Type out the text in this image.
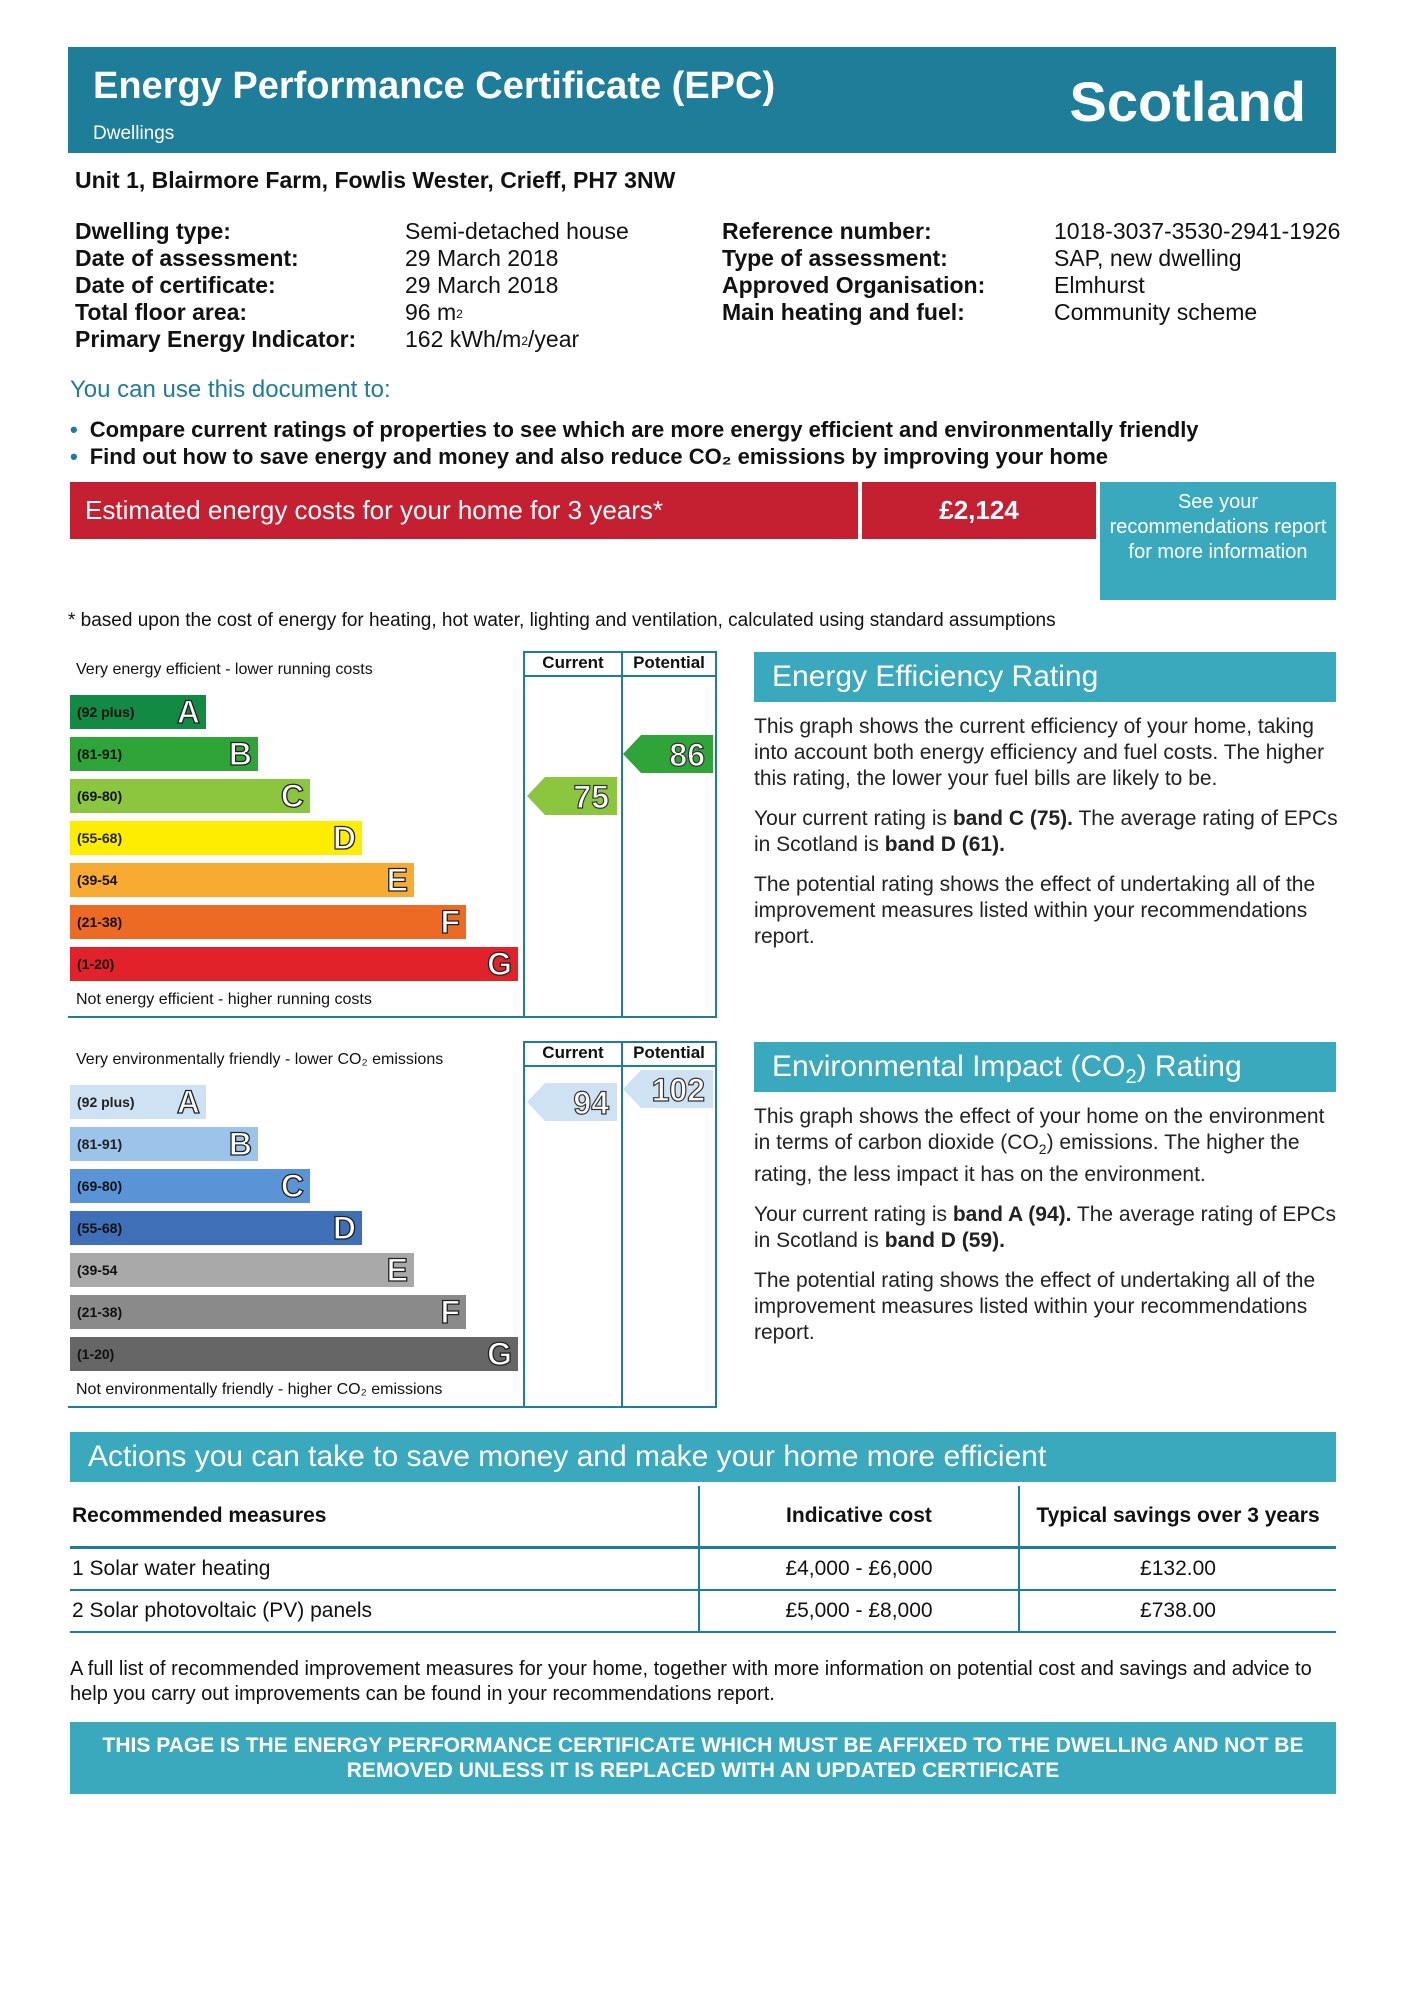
Energy Performance Certificate (EPC)
Dwellings
Scotland
Unit 1, Blairmore Farm, Fowlis Wester, Crieff, PH7 3NW
Dwelling type:	Semi-detached house
Date of assessment:	29 March 2018
Date of certificate:	29 March 2018
Total floor area:	96 $m^2$
Primary Energy Indicator: 162 kWh/$m^2$/year
Reference number:	1018-3037-3530-2941-1926
Type of assessment:	SAP, new dwelling
Approved Organisation:	Elmhurst
Main heating and fuel:	Community scheme
You can use this document to:
• Compare current ratings of properties to see which are more energy efficient and environmentally friendly
• Find out how to save energy and money and also reduce CO₂ emissions by improving your home
Estimated energy costs for your home for 3 years*	£2,124	See your recommendations report for more information
* based upon the cost of energy for heating, hot water, lighting and ventilation, calculated using standard assumptions
Current	Potential
Very energy efficient - lower running costs
Not energy efficient - higher running costs
(92 plus) A
(81-91)	B
(69-80)	C
(55-68)	D
(39-54	E
(21-38)	F
(1-20)	G
75
86
Current	Potential
Very environmentally friendly - lower CO₂ emissions
Not environmentally friendly - higher CO₂ emissions
(92 plus) A
(81-91)	B
(69-80)	C
(55-68)	D
(39-54	E
(21-38)	F
(1-20)	G
94 102
Energy Efficiency Rating

This graph shows the current efficiency of your home, taking into account both energy efficiency and fuel costs. The higher this rating, the lower your fuel bills are likely to be.

Your current rating is band C (75). The average rating of EPCs in Scotland is band D (61).

The potential rating shows the effect of undertaking all of the improvement measures listed within your recommendations report.

Environmental Impact $(CO_2)$ Rating

This graph shows the effect of your home on the environment in terms of carbon dioxide $(CO_2)$ emissions. The higher the rating, the less impact it has on the environment.

Your current rating is band A (94). The average rating of EPCs in Scotland is band D (59).

The potential rating shows the effect of undertaking all of the improvement measures listed within your recommendations report.

Actions you can take to save money and make your home more efficient
Recommended measures	Indicative cost	Typical savings over 3 years
1 Solar water heating	£4,000 - £6,000	£132.00
2 Solar photovoltaic (PV) panels	£5,000 - £8,000	£738.00
A full list of recommended improvement measures for your home, together with more information on potential cost and savings and advice to help you carry out improvements can be found in your recommendations report.
THIS PAGE IS THE ENERGY PERFORMANCE CERTIFICATE WHICH MUST BE AFFIXED TO THE DWELLING AND NOT BE REMOVED UNLESS IT IS REPLACED WITH AN UPDATED CERTIFICATE
